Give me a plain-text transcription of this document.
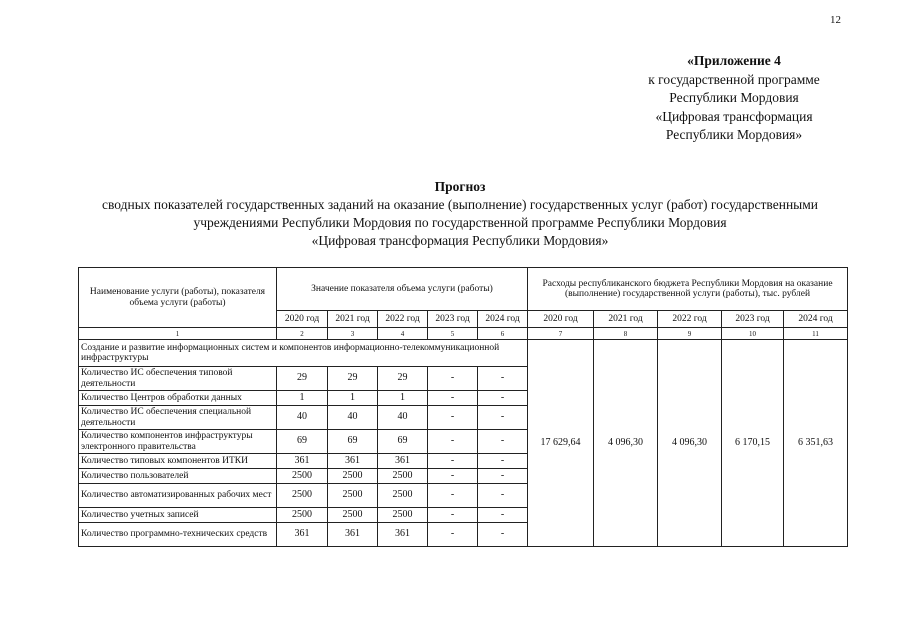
12
«Приложение 4
к государственной программе
Республики Мордовия
«Цифровая трансформация
Республики Мордовия»
Прогноз
сводных показателей государственных заданий на оказание (выполнение) государственных услуг (работ) государственными
учреждениями Республики Мордовия по государственной программе Республики Мордовия
«Цифровая трансформация Республики Мордовия»
Наименование услуги (работы), показателя объема услуги (работы)	Значение показателя объема услуги (работы)					Расходы республиканского бюджета Республики Мордовия на оказание (выполнение) государственной услуги (работы), тыс. рублей				
	2020 год	2021 год	2022 год	2023 год	2024 год	2020 год	2021 год	2022 год	2023 год	2024 год
1	2	3	4	5	6	7	8	9	10	11
Создание и развитие информационных систем и компонентов информационно-телекоммуникационной инфраструктуры						17 629,64	4 096,30	4 096,30	6 170,15	6 351,63
Количество ИС обеспечения типовой деятельности	29	29	29	-	-					
Количество Центров обработки данных	1	1	1	-	-					
Количество ИС обеспечения специальной деятельности	40	40	40	-	-					
Количество компонентов инфраструктуры электронного правительства	69	69	69	-	-					
Количество типовых компонентов ИТКИ	361	361	361	-	-					
Количество пользователей	2500	2500	2500	-	-					
Количество автоматизированных рабочих мест	2500	2500	2500	-	-					
Количество учетных записей	2500	2500	2500	-	-					
Количество программно-технических средств	361	361	361	-	-					
